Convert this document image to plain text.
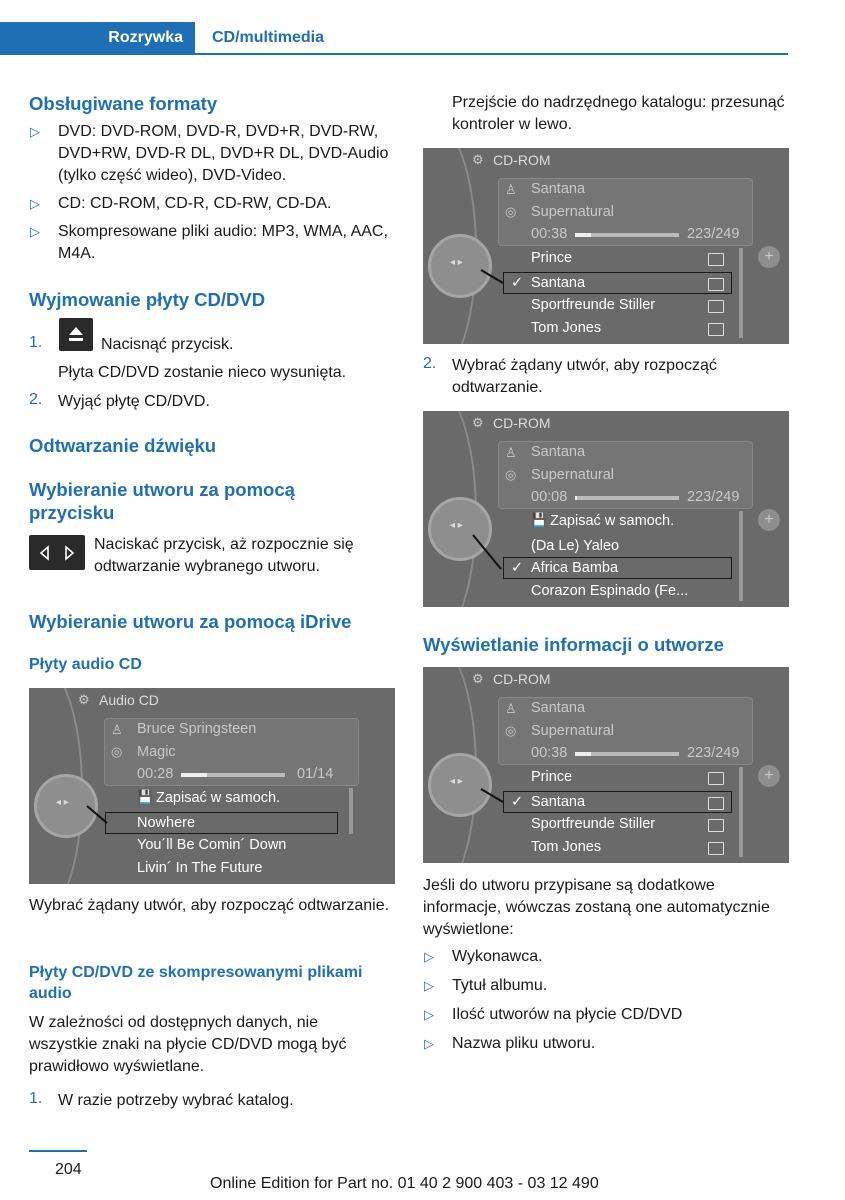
Rozrywka CD/multimedia
Obsługiwane formaty
▷ DVD: DVD-ROM, DVD-R, DVD+R, DVD-RW, DVD+RW, DVD-R DL, DVD+R DL, DVD-Audio (tylko część wideo), DVD-Video.
▷ CD: CD-ROM, CD-R, CD-RW, CD-DA.
▷ Skompresowane pliki audio: MP3, WMA, AAC, M4A.
Wyjmowanie płyty CD/DVD
1.	Nacisnąć przycisk.
Płyta CD/DVD zostanie nieco wysunięta.
2. Wyjąć płytę CD/DVD.
Odtwarzanie dźwięku
Wybieranie utworu za pomocą przycisku
Naciskać przycisk, aż rozpocznie się odtwarzanie wybranego utworu.
Wybieranie utworu za pomocą iDrive
Płyty audio CD
⚙ Audio CD
♙
◎
Bruce Springsteen
Magic
00:28	01/14
💾 Zapisać w samoch.
Nowhere
You´ll Be Comin´ Down
Livin´ In The Future
◂ ▸
Wybrać żądany utwór, aby rozpocząć odtwarzanie.
Płyty CD/DVD ze skompresowanymi plikami audio
W zależności od dostępnych danych, nie wszystkie znaki na płycie CD/DVD mogą być prawidłowo wyświetlane.
1. W razie potrzeby wybrać katalog.
Przejście do nadrzędnego katalogu: przesunąć kontroler w lewo.
⚙ CD-ROM
♙
◎
Santana
Supernatural
00:38	223/249
Prince
Santana
Sportfreunde Stiller
Tom Jones
✓
◂ ▸	+
2. Wybrać żądany utwór, aby rozpocząć odtwarzanie.
⚙ CD-ROM
♙
◎
Santana
Supernatural
00:08	223/249
💾 Zapisać w samoch.
(Da Le) Yaleo
Africa Bamba
Corazon Espinado (Fe...
✓
◂ ▸	+
Wyświetlanie informacji o utworze
⚙ CD-ROM
♙
◎
Santana
Supernatural
00:38	223/249
Prince
Santana
Sportfreunde Stiller
Tom Jones
✓
◂ ▸	+
Jeśli do utworu przypisane są dodatkowe informacje, wówczas zostaną one automatycznie wyświetlone:
▷ Wykonawca.
▷ Tytuł albumu.
▷ Ilość utworów na płycie CD/DVD
▷ Nazwa pliku utworu.
204
Online Edition for Part no. 01 40 2 900 403 - 03 12 490
